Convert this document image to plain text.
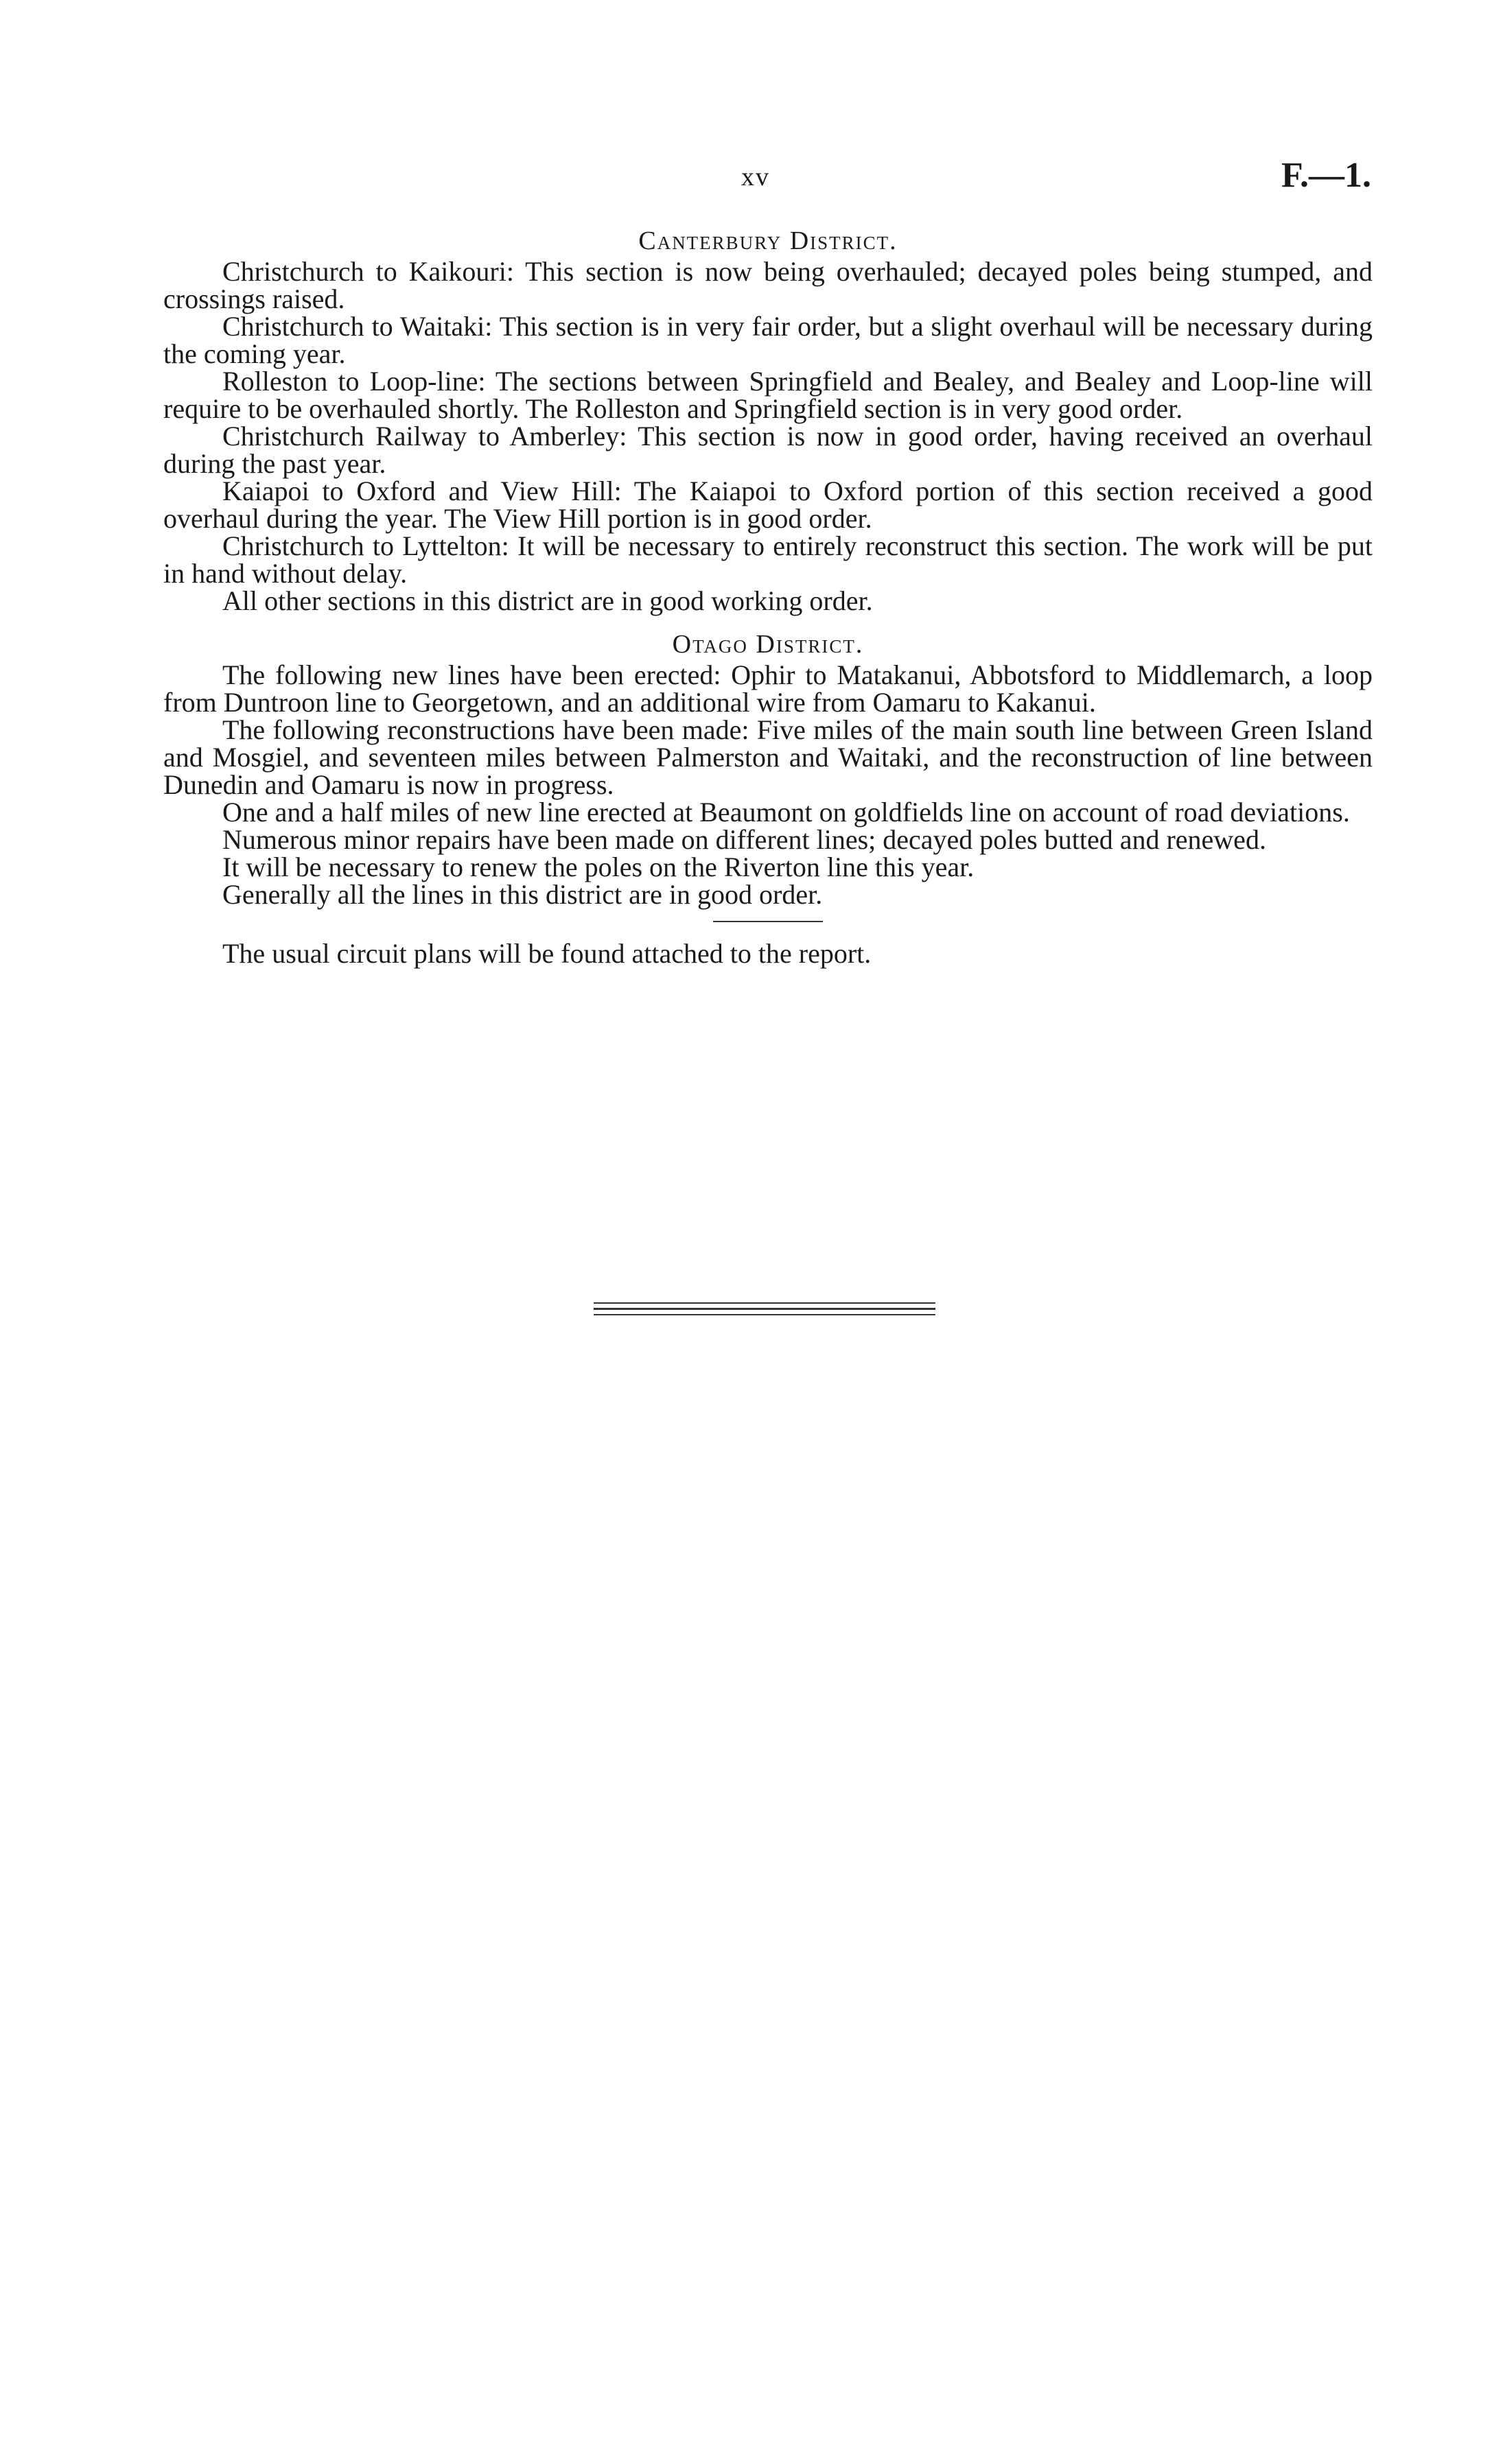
xv	F.—1.
Canterbury District.

Christchurch to Kaikouri: This section is now being overhauled; decayed poles being stumped, and crossings raised.

Christchurch to Waitaki: This section is in very fair order, but a slight overhaul will be necessary during the coming year.

Rolleston to Loop-line: The sections between Springfield and Bealey, and Bealey and Loop-line will require to be overhauled shortly. The Rolleston and Springfield section is in very good order.

Christchurch Railway to Amberley: This section is now in good order, having received an overhaul during the past year.

Kaiapoi to Oxford and View Hill: The Kaiapoi to Oxford portion of this section received a good overhaul during the year. The View Hill portion is in good order.

Christchurch to Lyttelton: It will be necessary to entirely reconstruct this section. The work will be put in hand without delay.

All other sections in this district are in good working order.

Otago District.

The following new lines have been erected: Ophir to Matakanui, Abbotsford to Middlemarch, a loop from Duntroon line to Georgetown, and an additional wire from Oamaru to Kakanui.

The following reconstructions have been made: Five miles of the main south line between Green Island and Mosgiel, and seventeen miles between Palmerston and Waitaki, and the reconstruction of line between Dunedin and Oamaru is now in progress.

One and a half miles of new line erected at Beaumont on goldfields line on account of road deviations.

Numerous minor repairs have been made on different lines; decayed poles butted and renewed.

It will be necessary to renew the poles on the Riverton line this year.

Generally all the lines in this district are in good order.

The usual circuit plans will be found attached to the report.
